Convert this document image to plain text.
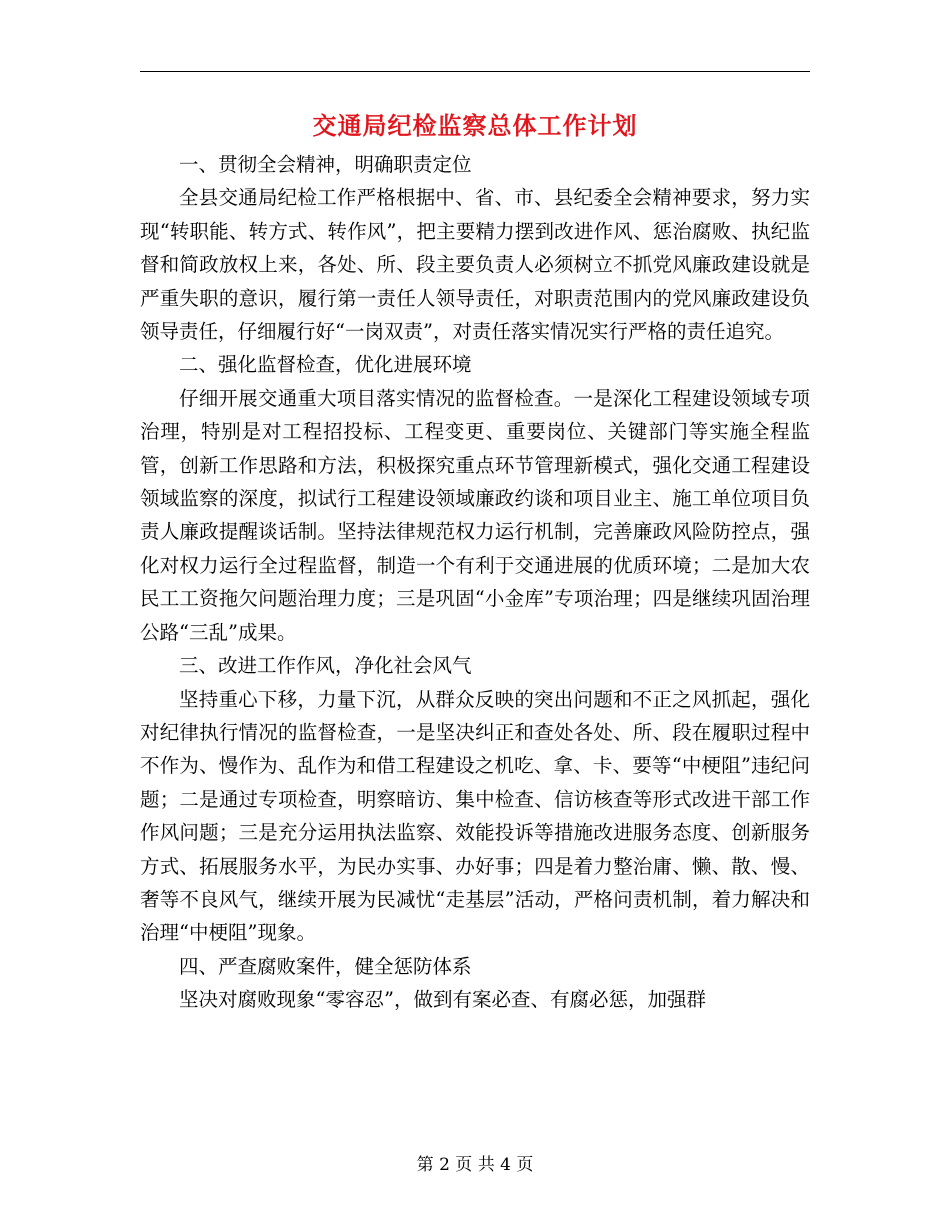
交通局纪检监察总体工作计划

一、贯彻全会精神，明确职责定位

全县交通局纪检工作严格根据中、省、市、县纪委全会精神要求，努力实现“转职能、转方式、转作风”，把主要精力摆到改进作风、惩治腐败、执纪监督和简政放权上来，各处、所、段主要负责人必须树立不抓党风廉政建设就是严重失职的意识，履行第一责任人领导责任，对职责范围内的党风廉政建设负领导责任，仔细履行好“一岗双责”，对责任落实情况实行严格的责任追究。

二、强化监督检查，优化进展环境

仔细开展交通重大项目落实情况的监督检查。一是深化工程建设领域专项治理，特别是对工程招投标、工程变更、重要岗位、关键部门等实施全程监管，创新工作思路和方法，积极探究重点环节管理新模式，强化交通工程建设领域监察的深度，拟试行工程建设领域廉政约谈和项目业主、施工单位项目负责人廉政提醒谈话制。坚持法律规范权力运行机制，完善廉政风险防控点，强化对权力运行全过程监督，制造一个有利于交通进展的优质环境；二是加大农民工工资拖欠问题治理力度；三是巩固“小金库”专项治理；四是继续巩固治理公路“三乱”成果。

三、改进工作作风，净化社会风气

坚持重心下移，力量下沉，从群众反映的突出问题和不正之风抓起，强化对纪律执行情况的监督检查，一是坚决纠正和查处各处、所、段在履职过程中不作为、慢作为、乱作为和借工程建设之机吃、拿、卡、要等“中梗阻”违纪问题；二是通过专项检查，明察暗访、集中检查、信访核查等形式改进干部工作作风问题；三是充分运用执法监察、效能投诉等措施改进服务态度、创新服务方式、拓展服务水平，为民办实事、办好事；四是着力整治庸、懒、散、慢、奢等不良风气，继续开展为民减忧“走基层”活动，严格问责机制，着力解决和治理“中梗阻”现象。

四、严查腐败案件，健全惩防体系

坚决对腐败现象“零容忍”，做到有案必查、有腐必惩，加强群

第 2 页 共 4 页
